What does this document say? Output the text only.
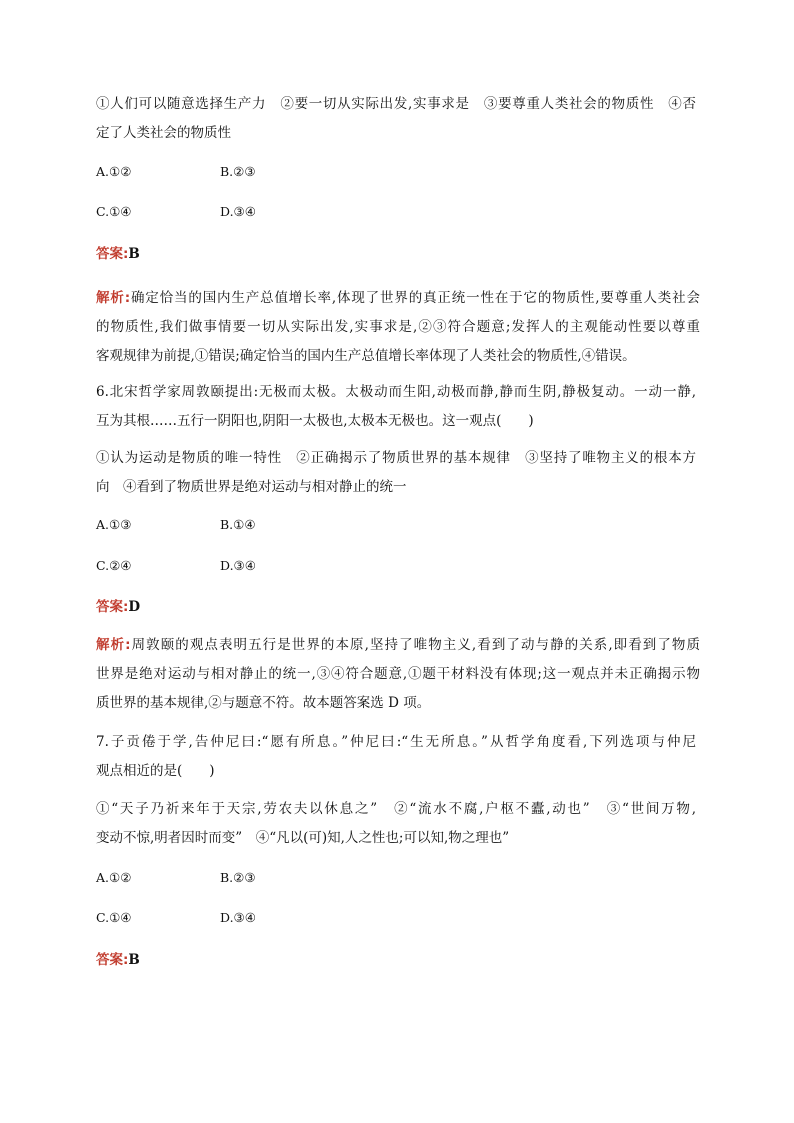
①人们可以随意选择生产力　②要一切从实际出发,实事求是　③要尊重人类社会的物质性　④否
定了人类社会的物质性
A.①②	B.②③
C.①④	D.③④
答案:B
解析:确定恰当的国内生产总值增长率,体现了世界的真正统一性在于它的物质性,要尊重人类社会
的物质性,我们做事情要一切从实际出发,实事求是,②③符合题意;发挥人的主观能动性要以尊重
客观规律为前提,①错误;确定恰当的国内生产总值增长率体现了人类社会的物质性,④错误。
6.北宋哲学家周敦颐提出:无极而太极。太极动而生阳,动极而静,静而生阴,静极复动。一动一静,
互为其根……五行一阴阳也,阴阳一太极也,太极本无极也。这一观点(　　)
①认为运动是物质的唯一特性　②正确揭示了物质世界的基本规律　③坚持了唯物主义的根本方
向　④看到了物质世界是绝对运动与相对静止的统一
A.①③	B.①④
C.②④	D.③④
答案:D
解析:周敦颐的观点表明五行是世界的本原,坚持了唯物主义,看到了动与静的关系,即看到了物质
世界是绝对运动与相对静止的统一,③④符合题意,①题干材料没有体现;这一观点并未正确揭示物
质世界的基本规律,②与题意不符。故本题答案选 D 项。
7.子贡倦于学,告仲尼曰:“愿有所息。”仲尼曰:“生无所息。”从哲学角度看,下列选项与仲尼
观点相近的是(　　)
①“天子乃祈来年于天宗,劳农夫以休息之”　②“流水不腐,户枢不蠹,动也”　③“世间万物,
变动不惊,明者因时而变”　④“凡以(可)知,人之性也;可以知,物之理也”
A.①②	B.②③
C.①④	D.③④
答案:B
